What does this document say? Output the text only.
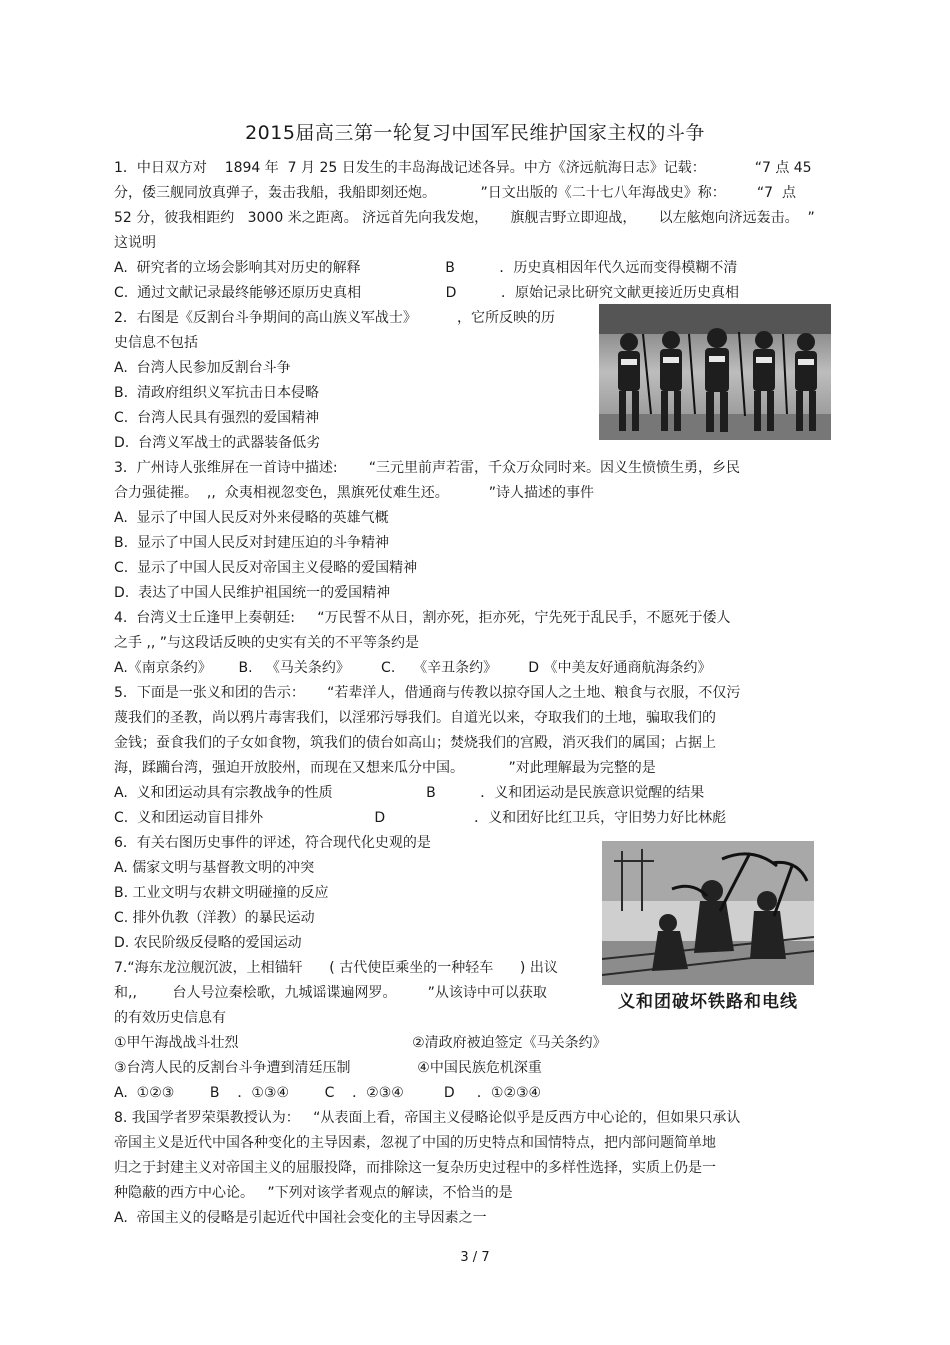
2015届高三第一轮复习中国军民维护国家主权的斗争
1．中日双方对    1894 年  7 月 25 日发生的丰岛海战记述各异。中方《济远航海日志》记载：           “7 点 45
分，倭三舰同放真弹子，轰击我船，我船即刻还炮。          ”日文出版的《二十七八年海战史》称：       “7  点
52 分，彼我相距约   3000 米之距离。 济远首先向我发炮，     旗舰吉野立即迎战，     以左舷炮向济远轰击。  ”
这说明
A.  研究者的立场会影响其对历史的解释                   B          ．历史真相因年代久远而变得模糊不清
C.  通过文献记录最终能够还原历史真相                   D          ．原始记录比研究文献更接近历史真相
2．右图是《反割台斗争期间的高山族义军战士》         ，它所反映的历
史信息不包括
A.  台湾人民参加反割台斗争
B.  清政府组织义军抗击日本侵略
C.  台湾人民具有强烈的爱国精神
D.  台湾义军战士的武器装备低劣
3．广州诗人张维屏在一首诗中描述:       “三元里前声若雷，千众万众同时来。因义生愤愤生勇，乡民
合力强徒摧。  ,,  众夷相视忽变色，黑旗死仗难生还。         ”诗人描述的事件
A.  显示了中国人民反对外来侵略的英雄气概
B.  显示了中国人民反对封建压迫的斗争精神
C.  显示了中国人民反对帝国主义侵略的爱国精神
D.  表达了中国人民维护祖国统一的爱国精神
4.  台湾义士丘逢甲上奏朝廷:     “万民誓不从日，割亦死，拒亦死，宁先死于乱民手，不愿死于倭人
之手 ,, ”与这段话反映的史实有关的不平等条约是
A.《南京条约》      B.   《马关条约》       C.    《辛丑条约》       D 《中美友好通商航海条约》
5．下面是一张义和团的告示：     “若辈洋人，借通商与传教以掠夺国人之土地、粮食与衣服，不仅污
蔑我们的圣教，尚以鸦片毒害我们，以淫邪污辱我们。自道光以来，夺取我们的土地，骗取我们的
金钱；蚕食我们的子女如食物，筑我们的债台如高山；焚烧我们的宫殿，消灭我们的属国；占据上
海，蹂躏台湾，强迫开放胶州，而现在又想来瓜分中国。          ”对此理解最为完整的是
A.  义和团运动具有宗教战争的性质                     B          ．义和团运动是民族意识觉醒的结果
C.  义和团运动盲目排外                         D                    ．义和团好比红卫兵，守旧势力好比林彪
6．有关右图历史事件的评述，符合现代化史观的是
A. 儒家文明与基督教文明的冲突
B. 工业文明与农耕文明碰撞的反应
C. 排外仇教（洋教）的暴民运动
D. 农民阶级反侵略的爱国运动
7.“海东龙泣舰沉波，上相锚轩      ( 古代使臣乘坐的一种轻车      ) 出议
和,,        台人号泣秦桧歌，九城谣谍遍网罗。       ”从该诗中可以获取
的有效历史信息有
①甲午海战战斗壮烈                                       ②清政府被迫签定《马关条约》
③台湾人民的反割台斗争遭到清廷压制               ④中国民族危机深重
A.  ①②③        B    ．①③④        C    ．②③④         D     ．①②③④
8. 我国学者罗荣渠教授认为：   “从表面上看，帝国主义侵略论似乎是反西方中心论的，但如果只承认
帝国主义是近代中国各种变化的主导因素，忽视了中国的历史特点和国情特点，把内部问题简单地
归之于封建主义对帝国主义的屈服投降，而排除这一复杂历史过程中的多样性选择，实质上仍是一
种隐蔽的西方中心论。   ”下列对该学者观点的解读，不恰当的是
A.  帝国主义的侵略是引起近代中国社会变化的主导因素之一
义和团破坏铁路和电线
3 / 7
